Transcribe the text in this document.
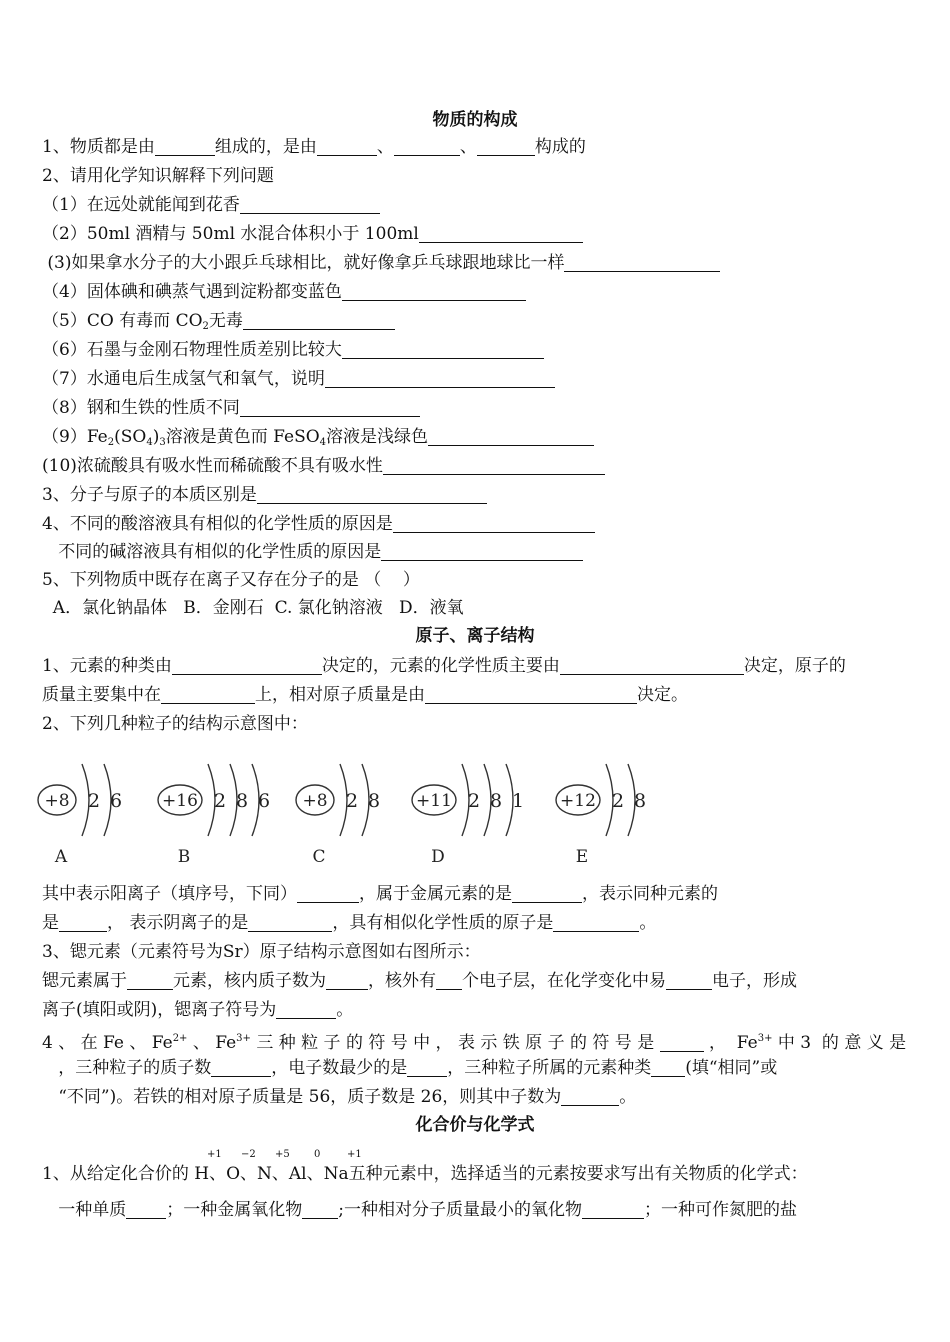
物质的构成
1、物质都是由	组成的，是由	、	、	构成的
2、请用化学知识解释下列问题
（1）在远处就能闻到花香
（2）50ml 酒精与 50ml 水混合体积小于 100ml
(3)如果拿水分子的大小跟乒乓球相比，就好像拿乒乓球跟地球比一样
（4）固体碘和碘蒸气遇到淀粉都变蓝色
（5）CO 有毒而 $CO_2$无毒
（6）石墨与金刚石物理性质差别比较大
（7）水通电后生成氢气和氧气，说明
（8）钢和生铁的性质不同
$(9)Fe_2(SO_4)_3$溶液是黄色而 FeSO$_4$溶液是浅绿色
(10)浓硫酸具有吸水性而稀硫酸不具有吸水性
3、分子与原子的本质区别是
4、不同的酸溶液具有相似的化学性质的原因是
不同的碱溶液具有相似的化学性质的原因是
5、下列物质中既存在离子又存在分子的是 （    ）
A．氯化钠晶体   B．金刚石  C. 氯化钠溶液   D．液氧
原子、离子结构
1、元素的种类由	决定的，元素的化学性质主要由	决定，原子的
质量主要集中在	上，相对原子质量是由	决定。
2、下列几种粒子的结构示意图中：
+8 2 6
A
+16 2 8 6
B
+8 2 8
C
+11 2 8 1
D
+12 2 8
E
其中表示阳离子（填序号，下同）	，属于金属元素的是	，表示同种元素的
是	， 表示阴离子的是	，具有相似化学性质的原子是	。
3、锶元素（元素符号为Sr）原子结构示意图如右图所示：
锶元素属于	元素，核内质子数为 ，核外有 个电子层，在化学变化中易	电子，形成
离子(填阳或阴)，锶离子符号为	。
4 、 在 Fe 、 $Fe^{2+}$ 、 $Fe^{3+}$ 三 种 粒 子 的 符 号 中 ， 表 示 铁 原 子 的 符 号 是	，  $Fe^{3+}$ 中 3  的 意 义 是
，三种粒子的质子数	，电子数最少的是 ，三种粒子所属的元素种类 (填“相同”或
“不同”)。若铁的相对原子质量是 56，质子数是 26，则其中子数为	。
化合价与化学式
+1 −2 +5 0	+1
1、从给定化合价的 H、O、N、Al、Na五种元素中，选择适当的元素按要求写出有关物质的化学式：
一种单质 ；一种金属氧化物 ;一种相对分子质量最小的氧化物	；一种可作氮肥的盐
